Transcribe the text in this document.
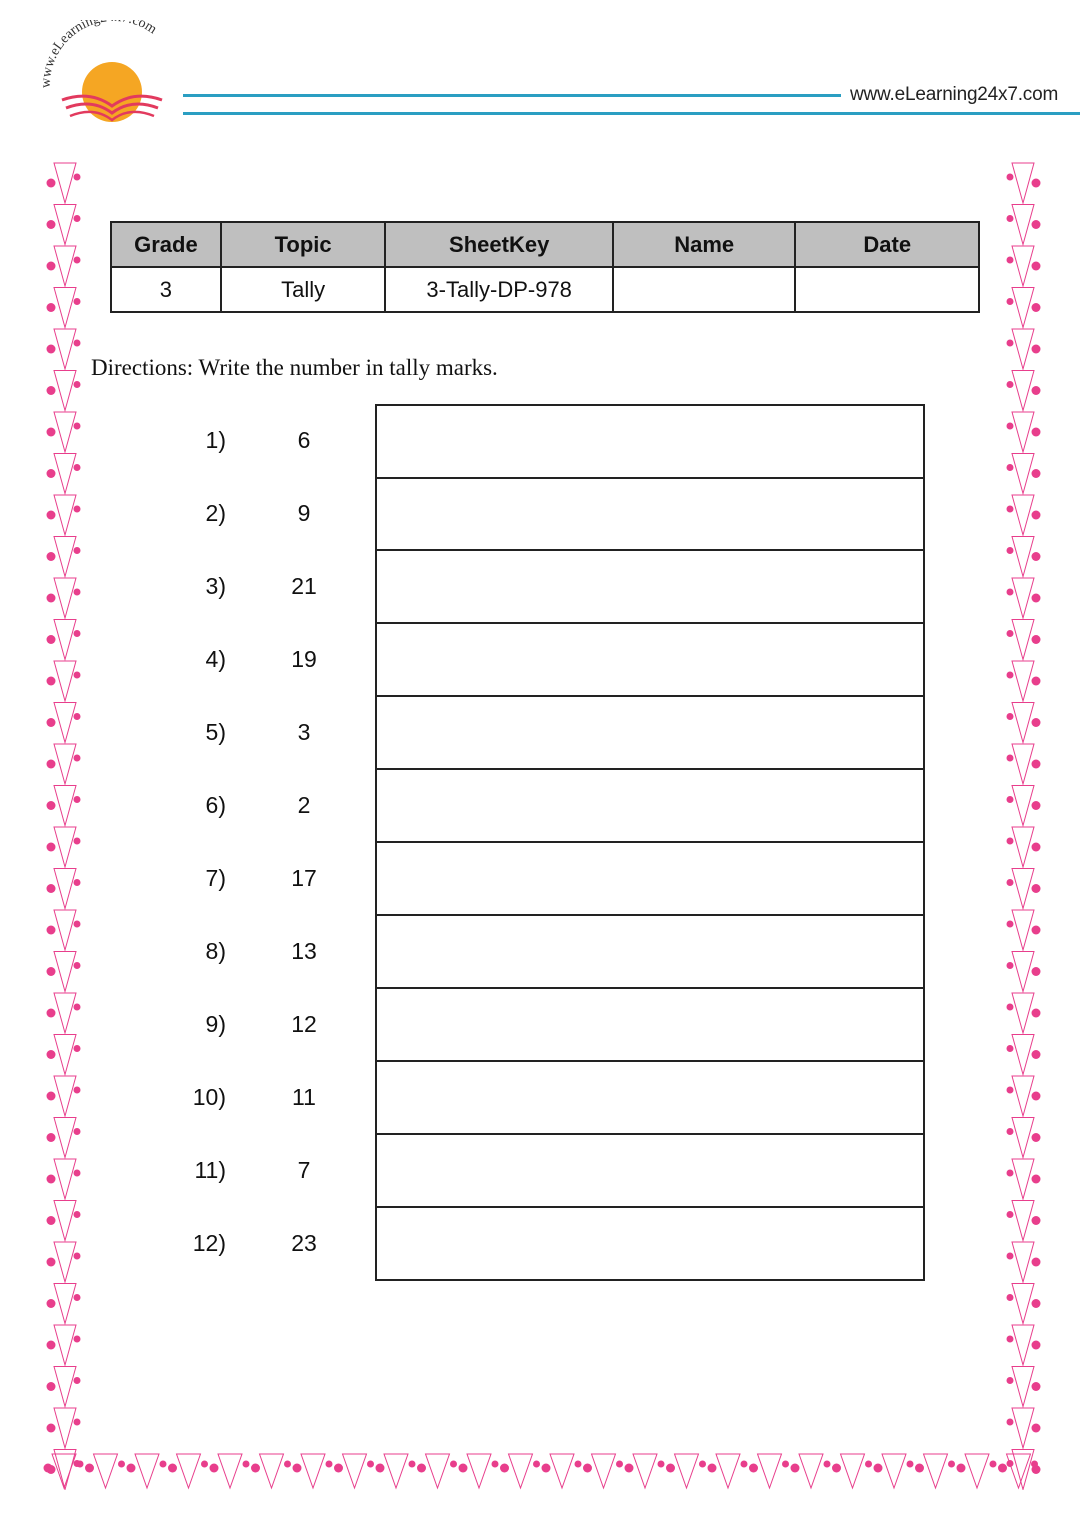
www.eLearnin com
www.eLearning24x7.com
Grade	Topic	SheetKey	Name	Date
3	Tally	3-Tally-DP-978		
Directions: Write the number in tally marks.
1)	6
2)	9
3)	21
4)	19
5)	3
6)	2
7)	17
8)	13
9)	12
10)	11
11)	7
12)	23
